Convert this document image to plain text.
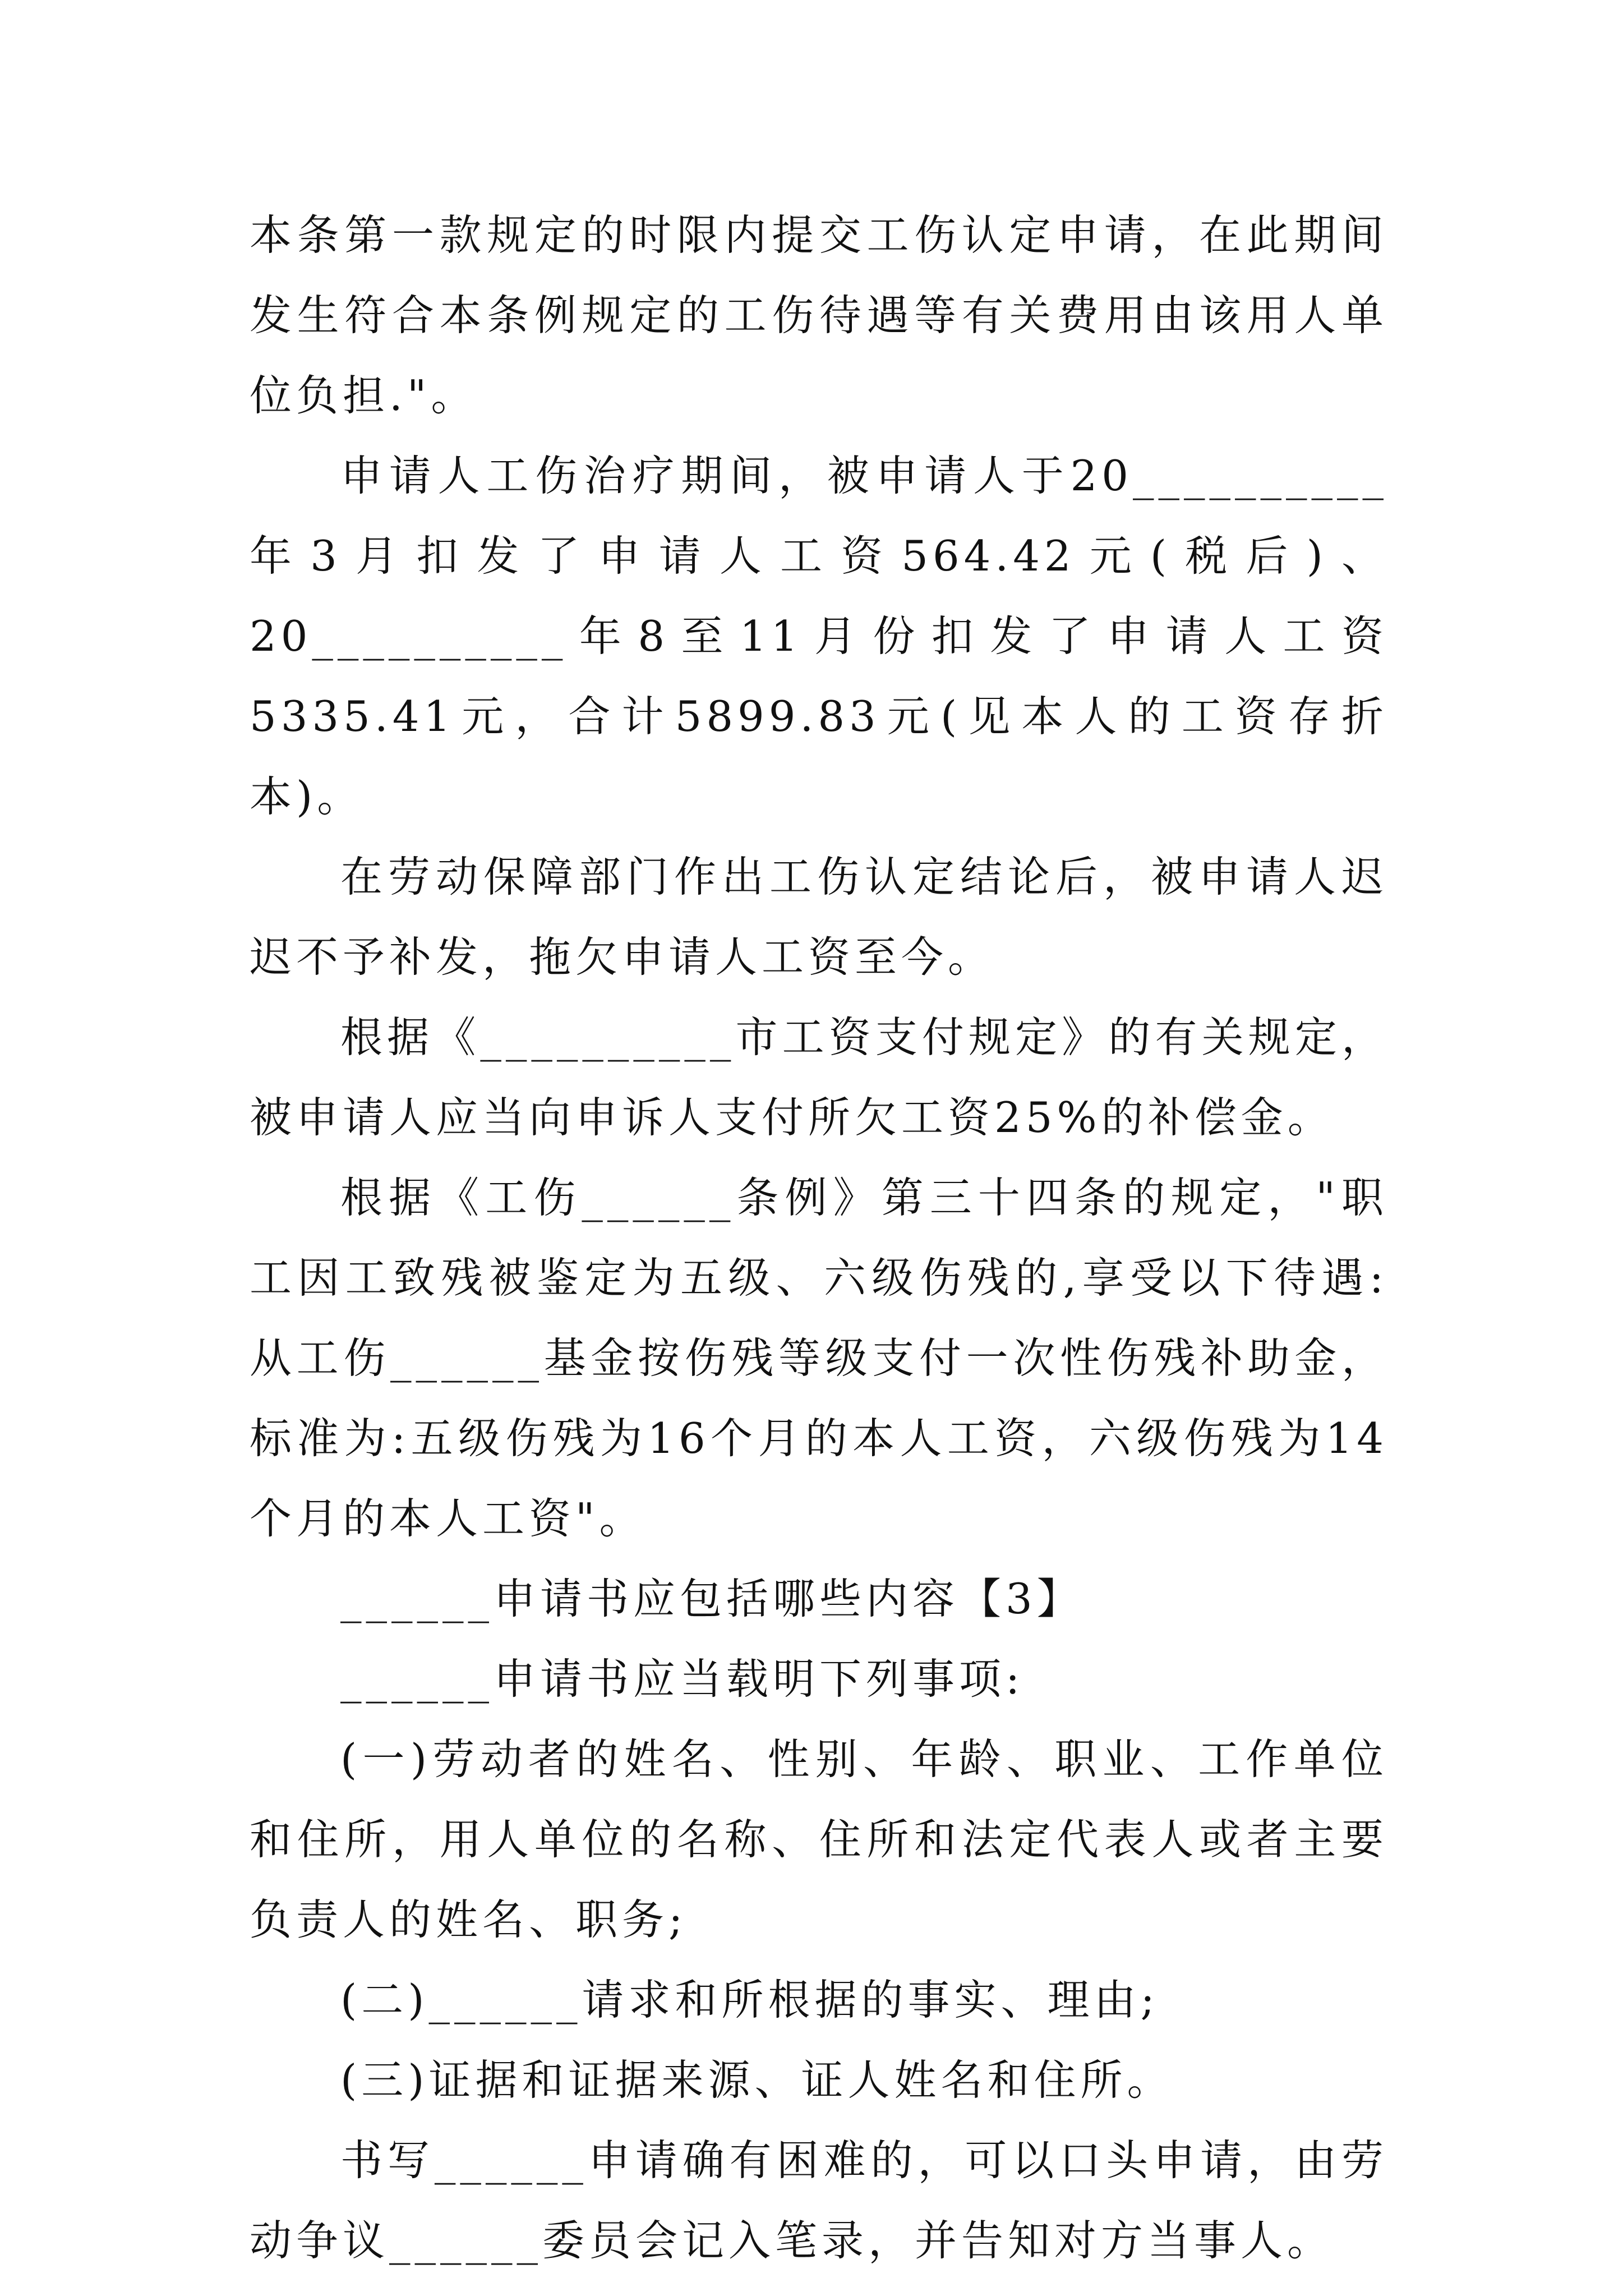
本条第一款规定的时限内提交工伤认定申请，在此期间发生符合本条例规定的工伤待遇等有关费用由该用人单位负担."。

申请人工伤治疗期间，被申请人于20__________年3月扣发了申请人工资564.42元(税后)、20__________年8至11月份扣发了申请人工资5335.41元，合计5899.83元(见本人的工资存折本)。

在劳动保障部门作出工伤认定结论后，被申请人迟迟不予补发，拖欠申请人工资至今。

根据《__________市工资支付规定》的有关规定，被申请人应当向申诉人支付所欠工资25%的补偿金。

根据《工伤______条例》第三十四条的规定，"职工因工致残被鉴定为五级、六级伤残的,享受以下待遇:从工伤______基金按伤残等级支付一次性伤残补助金，标准为:五级伤残为16个月的本人工资，六级伤残为14个月的本人工资"。

______申请书应包括哪些内容【3】

______申请书应当载明下列事项:

(一)劳动者的姓名、性别、年龄、职业、工作单位和住所，用人单位的名称、住所和法定代表人或者主要负责人的姓名、职务;

(二)______请求和所根据的事实、理由;

(三)证据和证据来源、证人姓名和住所。

书写______申请确有困难的，可以口头申请，由劳动争议______委员会记入笔录，并告知对方当事人。
